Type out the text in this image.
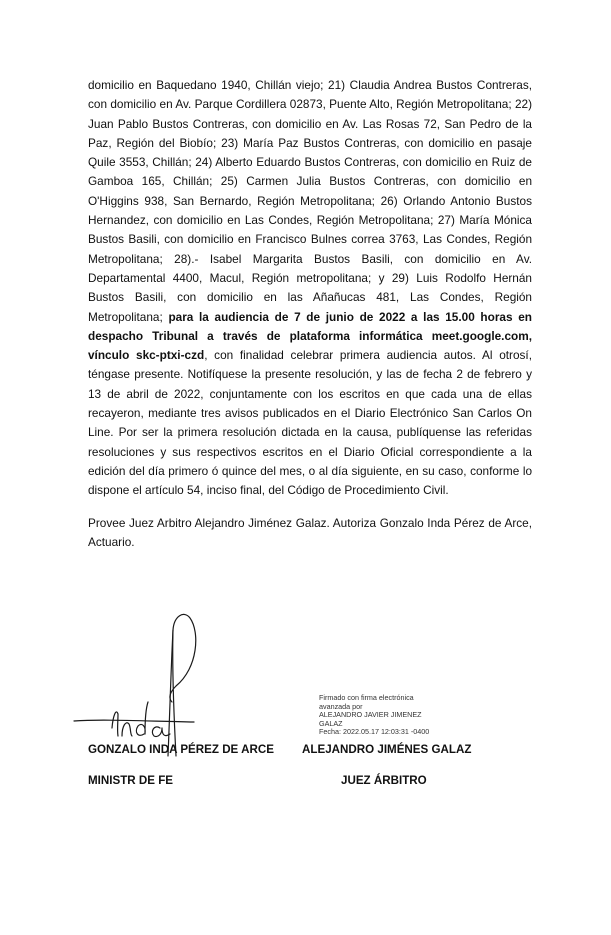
domicilio en Baquedano 1940, Chillán viejo; 21) Claudia Andrea Bustos Contreras, con domicilio en Av. Parque Cordillera 02873, Puente Alto, Región Metropolitana; 22) Juan Pablo Bustos Contreras, con domicilio en Av. Las Rosas 72, San Pedro de la Paz, Región del Biobío; 23) María Paz Bustos Contreras, con domicilio en pasaje Quile 3553, Chillán; 24) Alberto Eduardo Bustos Contreras, con domicilio en Ruiz de Gamboa 165, Chillán; 25) Carmen Julia Bustos Contreras, con domicilio en O'Higgins 938, San Bernardo, Región Metropolitana; 26) Orlando Antonio Bustos Hernandez, con domicilio en Las Condes, Región Metropolitana; 27) María Mónica Bustos Basili, con domicilio en Francisco Bulnes correa 3763, Las Condes, Región Metropolitana; 28).- Isabel Margarita Bustos Basili, con domicilio en Av. Departamental 4400, Macul, Región metropolitana; y 29) Luis Rodolfo Hernán Bustos Basili, con domicilio en las Añañucas 481, Las Condes, Región Metropolitana; para la audiencia de 7 de junio de 2022 a las 15.00 horas en despacho Tribunal a través de plataforma informática meet.google.com, vínculo skc-ptxi-czd, con finalidad celebrar primera audiencia autos. Al otrosí, téngase presente. Notifíquese la presente resolución, y las de fecha 2 de febrero y 13 de abril de 2022, conjuntamente con los escritos en que cada una de ellas recayeron, mediante tres avisos publicados en el Diario Electrónico San Carlos On Line. Por ser la primera resolución dictada en la causa, publíquense las referidas resoluciones y sus respectivos escritos en el Diario Oficial correspondiente a la edición del día primero ó quince del mes, o al día siguiente, en su caso, conforme lo dispone el artículo 54, inciso final, del Código de Procedimiento Civil.

Provee Juez Arbitro Alejandro Jiménez Galaz. Autoriza Gonzalo Inda Pérez de Arce, Actuario.

Firmado con firma electrónica
avanzada por
ALEJANDRO JAVIER JIMENEZ
GALAZ
Fecha: 2022.05.17 12:03:31 -0400
GONZALO INDA PÉREZ DE ARCE ALEJANDRO JIMÉNES GALAZ
MINISTR DE FE	JUEZ ÁRBITRO
